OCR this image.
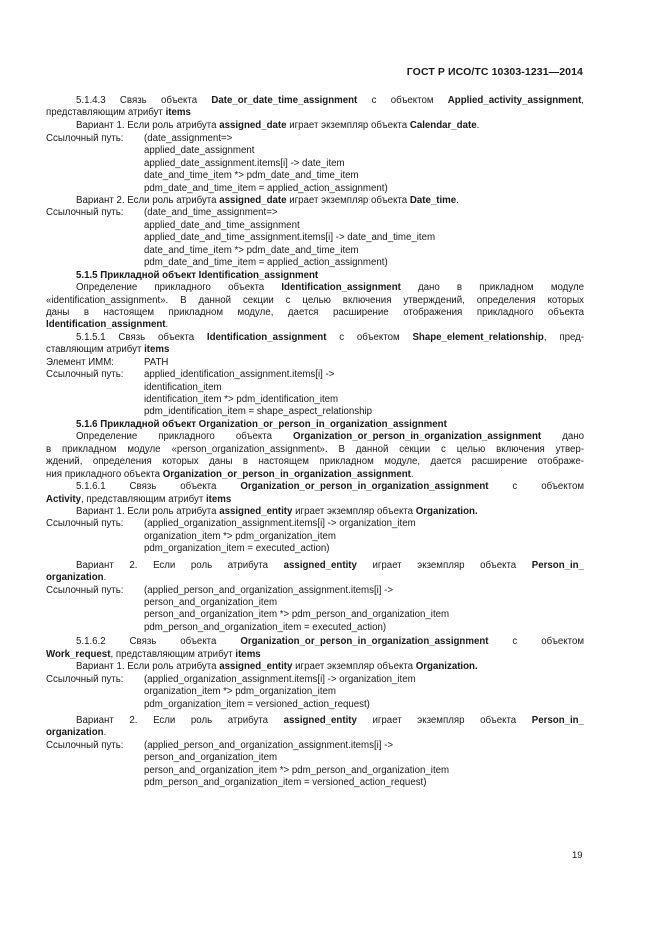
ГОСТ Р ИСО/ТС 10303-1231—2014
5.1.4.3 Связь объекта Date_or_date_time_assignment с объектом Applied_activity_assignment,
представляющим атрибут items
Вариант 1. Если роль атрибута assigned_date играет экземпляр объекта Calendar_date.
Ссылочный путь:	(date_assignment=>
applied_date_assignment
applied_date_assignment.items[i] -> date_item
date_and_time_item *> pdm_date_and_time_item
pdm_date_and_time_item = applied_action_assignment)
Вариант 2. Если роль атрибута assigned_date играет экземпляр объекта Date_time.
Ссылочный путь:	(date_and_time_assignment=>
applied_date_and_time_assignment
applied_date_and_time_assignment.items[i] -> date_and_time_item
date_and_time_item *> pdm_date_and_time_item
pdm_date_and_time_item = applied_action_assignment)
5.1.5 Прикладной объект Identification_assignment
Определение прикладного объекта Identification_assignment дано в прикладном модуле
«identification_assignment». В данной секции с целью включения утверждений, определения которых
даны в настоящем прикладном модуле, дается расширение отображения прикладного объекта
Identification_assignment.
5.1.5.1 Связь объекта Identification_assignment с объектом Shape_element_relationship, пред-
ставляющим атрибут items
Элемент ИММ:	PATH
Ссылочный путь:	applied_identification_assignment.items[i] ->
identification_item
identification_item *> pdm_identification_item
pdm_identification_item = shape_aspect_relationship
5.1.6 Прикладной объект Organization_or_person_in_organization_assignment
Определение прикладного объекта Organization_or_person_in_organization_assignment дано
в прикладном модуле «person_organization_assignment». В данной секции с целью включения утвер-
ждений, определения которых даны в настоящем прикладном модуле, дается расширение отображе-
ния прикладного объекта Organization_or_person_in_organization_assignment.
5.1.6.1 Связь объекта Organization_or_person_in_organization_assignment с объектом
Activity, представляющим атрибут items
Вариант 1. Если роль атрибута assigned_entity играет экземпляр объекта Organization.
Ссылочный путь:	(applied_organization_assignment.items[i] -> organization_item
organization_item *> pdm_organization_item
pdm_organization_item = executed_action)
Вариант 2. Если роль атрибута assigned_entity играет экземпляр объекта Person_in_
organization.
Ссылочный путь:	(applied_person_and_organization_assignment.items[i] ->
person_and_organization_item
person_and_organization_item *> pdm_person_and_organization_item
pdm_person_and_organization_item = executed_action)
5.1.6.2 Связь объекта Organization_or_person_in_organization_assignment с объектом
Work_request, представляющим атрибут items
Вариант 1. Если роль атрибута assigned_entity играет экземпляр объекта Organization.
Ссылочный путь:	(applied_organization_assignment.items[i] -> organization_item
organization_item *> pdm_organization_item
pdm_organization_item = versioned_action_request)
Вариант 2. Если роль атрибута assigned_entity играет экземпляр объекта Person_in_
organization.
Ссылочный путь:	(applied_person_and_organization_assignment.items[i] ->
person_and_organization_item
person_and_organization_item *> pdm_person_and_organization_item
pdm_person_and_organization_item = versioned_action_request)
19
